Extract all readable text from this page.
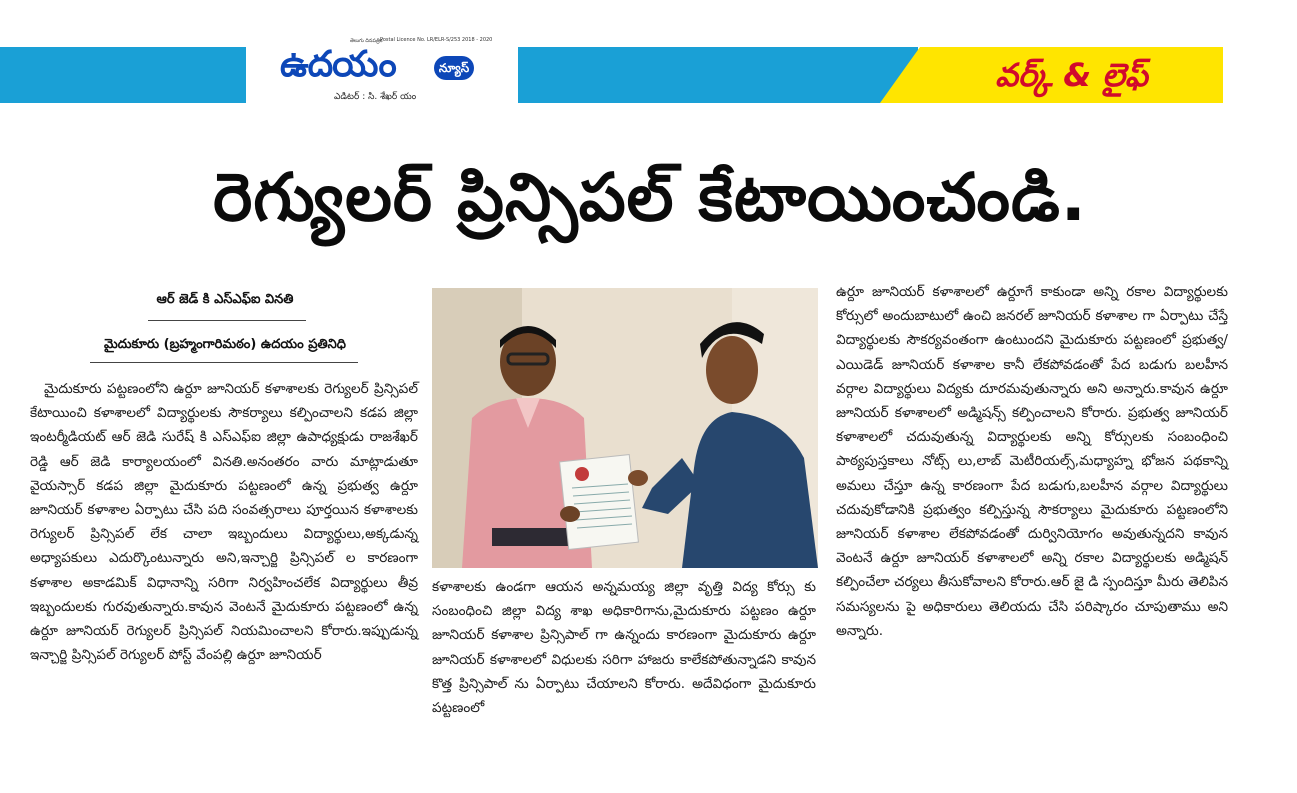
తెలుగు దినపత్రిక
Postal Licence No. LR/ELR-S/253 2018 - 2020
ఉదయం	న్యూస్
ఎడిటర్ : సి. శేఖర్ యం
వర్క్ & లైఫ్
రెగ్యులర్ ప్రిన్సిపల్ కేటాయించండి.
ఆర్ జెడ్ కి ఎస్ఎఫ్ఐ వినతి
మైదుకూరు (బ్రహ్మంగారిమఠం) ఉదయం ప్రతినిధి
మైదుకూరు పట్టణంలోని ఉర్దూ జూనియర్ కళాశాలకు రెగ్యులర్ ప్రిన్సిపల్ కేటాయించి కళాశాలలో విద్యార్థులకు సౌకర్యాలు కల్పించాలని కడప జిల్లా ఇంటర్మీడియట్ ఆర్ జెడి సురేష్ కి ఎస్ఎఫ్ఐ జిల్లా ఉపాధ్యక్షుడు రాజశేఖర్ రెడ్డి ఆర్ జెడి కార్యాలయంలో వినతి.అనంతరం వారు మాట్లాడుతూ వైయస్సార్ కడప జిల్లా మైదుకూరు పట్టణంలో ఉన్న ప్రభుత్వ ఉర్దూ జూనియర్ కళాశాల ఏర్పాటు చేసి పది సంవత్సరాలు పూర్తయిన కళాశాలకు రెగ్యులర్ ప్రిన్సిపల్ లేక చాలా ఇబ్బందులు విద్యార్థులు,అక్కడున్న అధ్యాపకులు ఎదుర్కొంటున్నారు అని,ఇన్చార్జి ప్రిన్సిపల్ ల కారణంగా కళాశాల అకాడమిక్ విధానాన్ని సరిగా నిర్వహించలేక విద్యార్థులు తీవ్ర ఇబ్బందులకు గురవుతున్నారు.కావున వెంటనే మైదుకూరు పట్టణంలో ఉన్న ఉర్దూ జూనియర్ రెగ్యులర్ ప్రిన్సిపల్ నియమించాలని కోరారు.ఇప్పుడున్న ఇన్చార్జి ప్రిన్సిపల్ రెగ్యులర్ పోస్ట్ వేంపల్లి ఉర్దూ జూనియర్
కళాశాలకు ఉండగా ఆయన అన్నమయ్య జిల్లా వృత్తి విద్య కోర్సు కు సంబంధించి జిల్లా విద్య శాఖ అధికారిగాను,మైదుకూరు పట్టణం ఉర్దూ జూనియర్ కళాశాల ప్రిన్సిపాల్ గా ఉన్నందు కారణంగా మైదుకూరు ఉర్దూ జూనియర్ కళాశాలలో విధులకు సరిగా హాజరు కాలేకపోతున్నాడని కావున కొత్త ప్రిన్సిపాల్ ను ఏర్పాటు చేయాలని కోరారు. అదేవిధంగా మైదుకూరు పట్టణంలో
ఉర్దూ జూనియర్ కళాశాలలో ఉర్దూగే కాకుండా అన్ని రకాల విద్యార్థులకు కోర్సులో అందుబాటులో ఉంచి జనరల్ జూనియర్ కళాశాల గా ఏర్పాటు చేస్తే విద్యార్థులకు సౌకర్యవంతంగా ఉంటుందని మైదుకూరు పట్టణంలో ప్రభుత్వ/ ఎయిడెడ్ జూనియర్ కళాశాల కానీ లేకపోవడంతో పేద బడుగు బలహీన వర్గాల విద్యార్థులు విద్యకు దూరమవుతున్నారు అని అన్నారు.కావున ఉర్దూ జూనియర్ కళాశాలలో అడ్మిషన్స్ కల్పించాలని కోరారు. ప్రభుత్వ జూనియర్ కళాశాలలో చదువుతున్న విద్యార్థులకు అన్ని కోర్సులకు సంబంధించి పాఠ్యపుస్తకాలు నోట్స్ లు,లాబ్ మెటీరియల్స్,మధ్యాహ్న భోజన పథకాన్ని అమలు చేస్తూ ఉన్న కారణంగా పేద బడుగు,బలహీన వర్గాల విద్యార్థులు చదువుకోడానికి ప్రభుత్వం కల్పిస్తున్న సౌకర్యాలు మైదుకూరు పట్టణంలోని జూనియర్ కళాశాల లేకపోవడంతో దుర్వినియోగం అవుతున్నదని కావున వెంటనే ఉర్దూ జూనియర్ కళాశాలలో అన్ని రకాల విద్యార్థులకు అడ్మిషన్ కల్పించేలా చర్యలు తీసుకోవాలని కోరారు.ఆర్ జై డి స్పందిస్తూ మీరు తెలిపిన సమస్యలను పై అధికారులు తెలియదు చేసి పరిష్కారం చూపుతాము అని అన్నారు.
